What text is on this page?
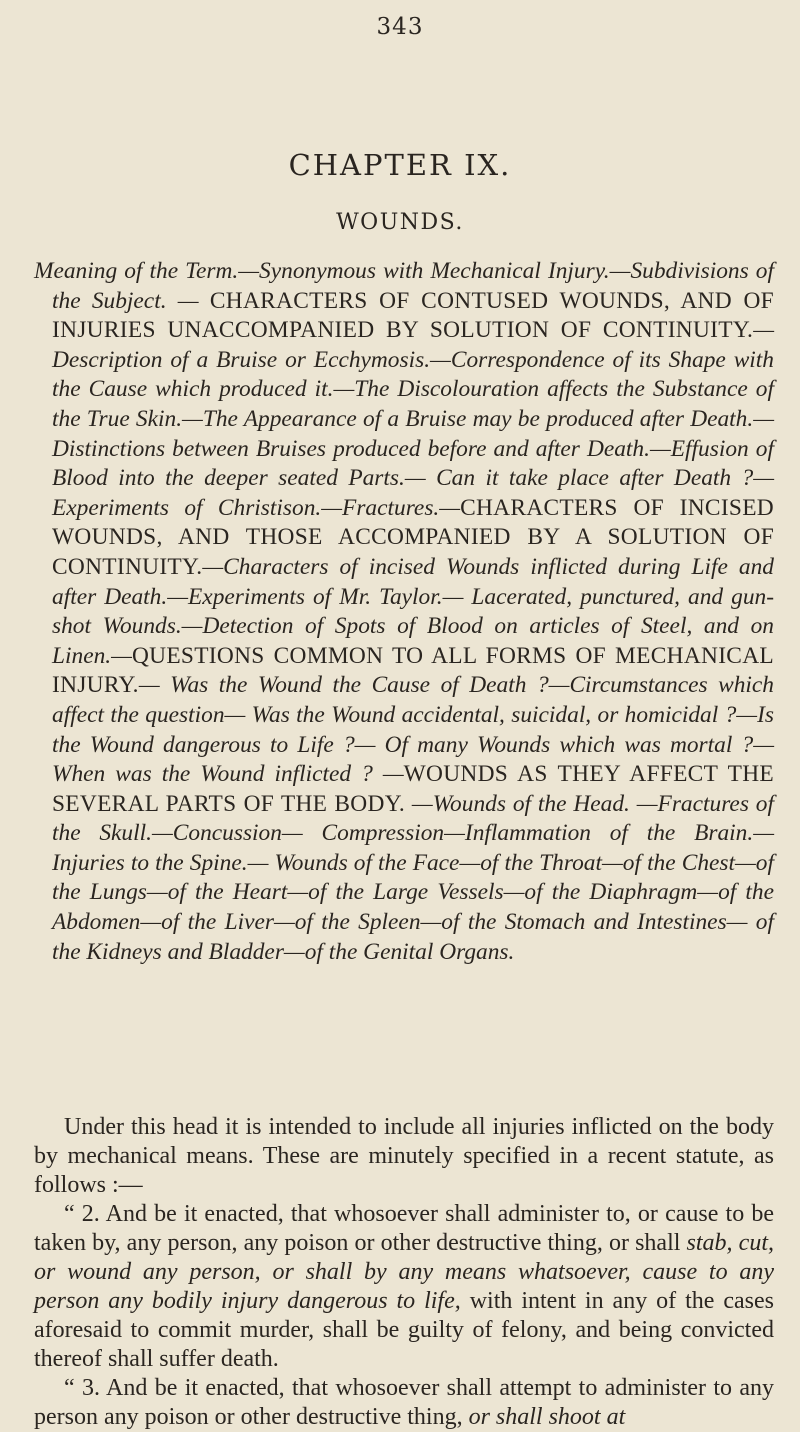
343
CHAPTER IX.
WOUNDS.

Meaning of the Term.—Synonymous with Mechanical Injury.—Subdivisions of the Subject. — CHARACTERS OF CONTUSED WOUNDS, AND OF INJURIES UNACCOMPANIED BY SOLUTION OF CONTINUITY.—Description of a Bruise or Ecchymosis.—Correspondence of its Shape with the Cause which produced it.—The Discolouration affects the Substance of the True Skin.—The Appearance of a Bruise may be produced after Death.—Distinctions between Bruises produced before and after Death.—Effusion of Blood into the deeper seated Parts.— Can it take place after Death ?—Experiments of Christison.—Fractures.—CHARACTERS OF INCISED WOUNDS, AND THOSE ACCOMPANIED BY A SOLUTION OF CONTINUITY.—Characters of incised Wounds inflicted during Life and after Death.—Experiments of Mr. Taylor.— Lacerated, punctured, and gun-shot Wounds.—Detection of Spots of Blood on articles of Steel, and on Linen.—QUESTIONS COMMON TO ALL FORMS OF MECHANICAL INJURY.— Was the Wound the Cause of Death ?—Circumstances which affect the question— Was the Wound accidental, suicidal, or homicidal ?—Is the Wound dangerous to Life ?— Of many Wounds which was mortal ?— When was the Wound inflicted ? —WOUNDS AS THEY AFFECT THE SEVERAL PARTS OF THE BODY. —Wounds of the Head. —Fractures of the Skull.—Concussion— Compression—Inflammation of the Brain.—Injuries to the Spine.— Wounds of the Face—of the Throat—of the Chest—of the Lungs—of the Heart—of the Large Vessels—of the Diaphragm—of the Abdomen—of the Liver—of the Spleen—of the Stomach and Intestines— of the Kidneys and Bladder—of the Genital Organs.

Under this head it is intended to include all injuries inflicted on the body by mechanical means. These are minutely specified in a recent statute, as follows :—

“ 2. And be it enacted, that whosoever shall administer to, or cause to be taken by, any person, any poison or other destructive thing, or shall stab, cut, or wound any person, or shall by any means whatsoever, cause to any person any bodily injury dangerous to life, with intent in any of the cases aforesaid to commit murder, shall be guilty of felony, and being convicted thereof shall suffer death.

“ 3. And be it enacted, that whosoever shall attempt to administer to any person any poison or other destructive thing, or shall shoot at
